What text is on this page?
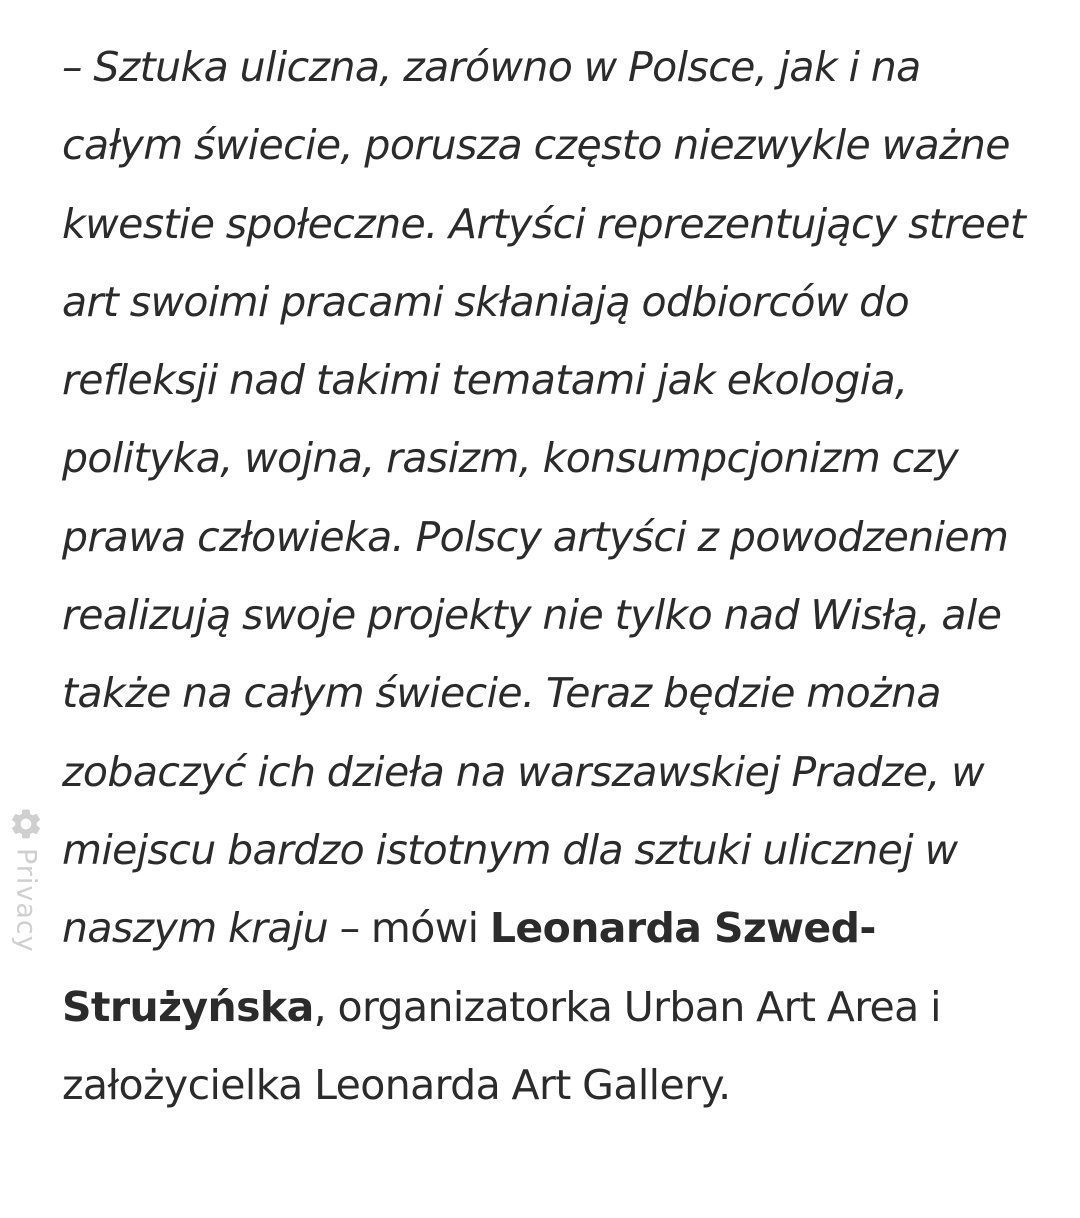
– Sztuka uliczna, zarówno w Polsce, jak i na całym świecie, porusza często niezwykle ważne kwestie społeczne. Artyści reprezentujący street art swoimi pracami skłaniają odbiorców do refleksji nad takimi tematami jak ekologia, polityka, wojna, rasizm, konsumpcjonizm czy prawa człowieka. Polscy artyści z powodzeniem realizują swoje projekty nie tylko nad Wisłą, ale także na całym świecie. Teraz będzie można zobaczyć ich dzieła na warszawskiej Pradze, w miejscu bardzo istotnym dla sztuki ulicznej w naszym kraju – mówi Leonarda Szwed-Strużyńska, organizatorka Urban Art Area i założycielka Leonarda Art Gallery.

Privacy
